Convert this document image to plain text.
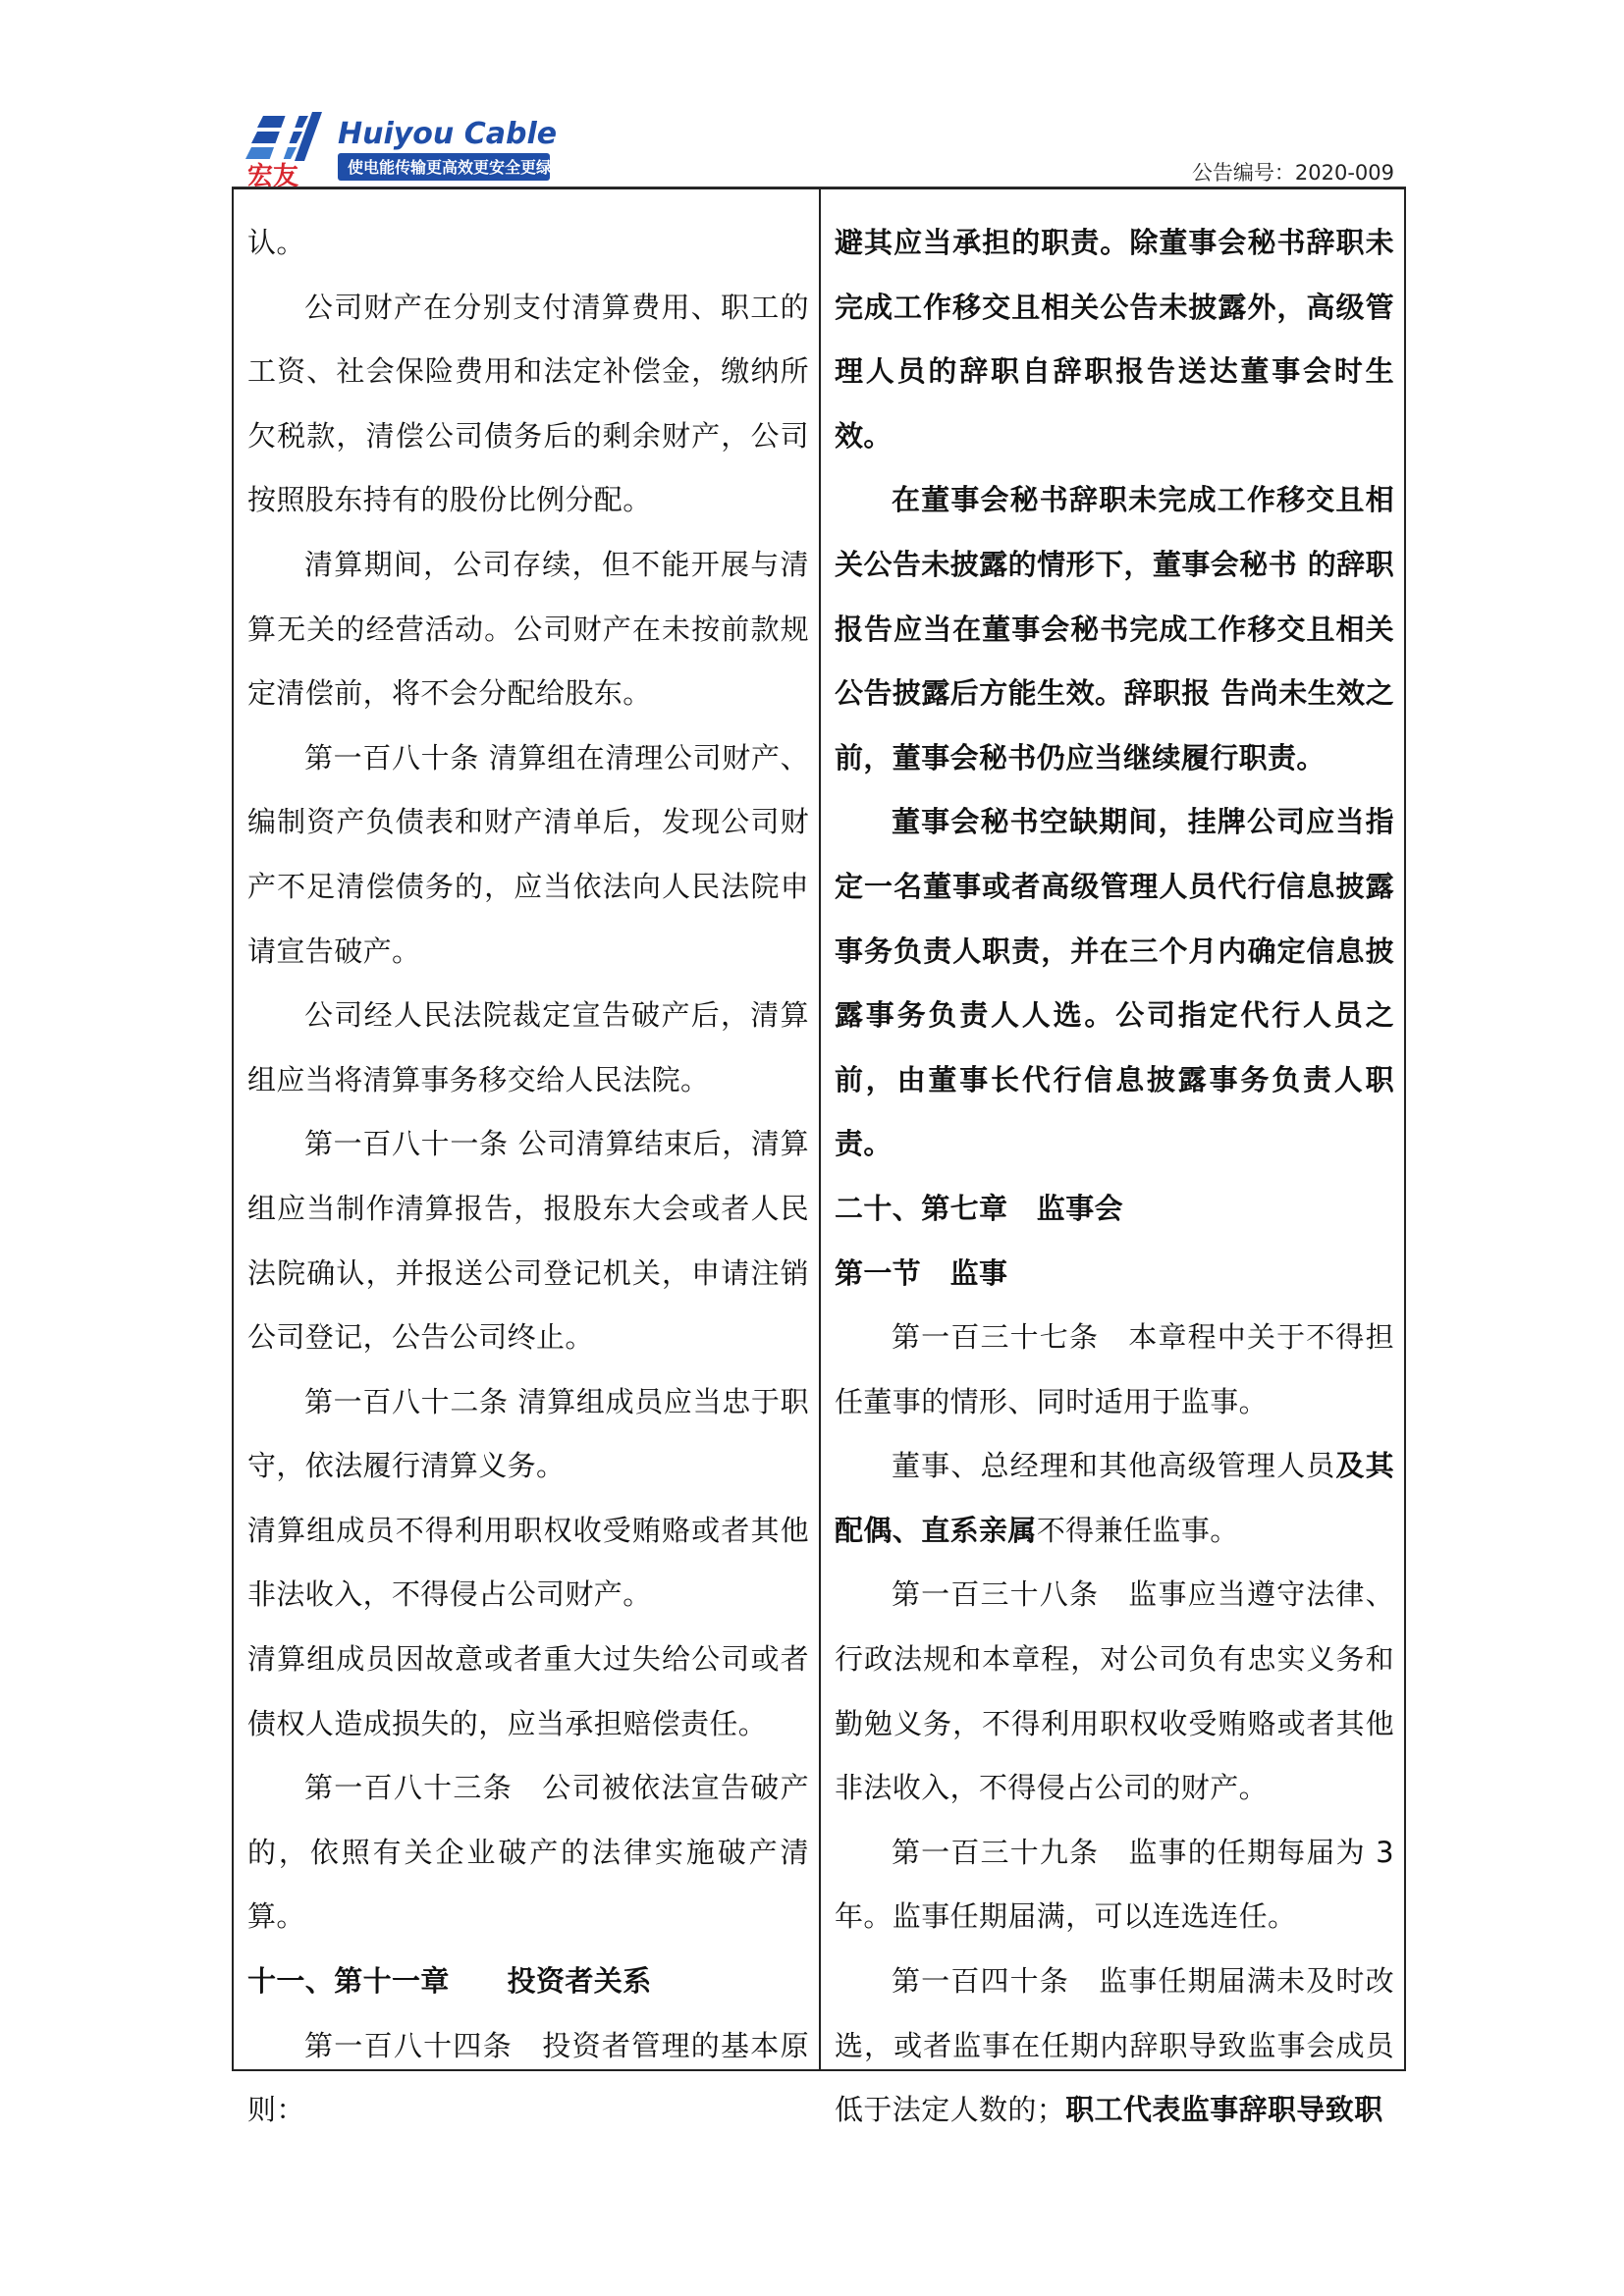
宏友
Huiyou Cable
使电能传输更高效更安全更绿色	公告编号：2020-009

认。

公司财产在分别支付清算费用、职工的工资、社会保险费用和法定补偿金，缴纳所欠税款，清偿公司债务后的剩余财产，公司按照股东持有的股份比例分配。

清算期间，公司存续，但不能开展与清算无关的经营活动。公司财产在未按前款规定清偿前，将不会分配给股东。

第一百八十条 清算组在清理公司财产、编制资产负债表和财产清单后，发现公司财产不足清偿债务的，应当依法向人民法院申请宣告破产。

公司经人民法院裁定宣告破产后，清算组应当将清算事务移交给人民法院。

第一百八十一条 公司清算结束后，清算组应当制作清算报告，报股东大会或者人民法院确认，并报送公司登记机关，申请注销公司登记，公告公司终止。

第一百八十二条 清算组成员应当忠于职守，依法履行清算义务。

清算组成员不得利用职权收受贿赂或者其他非法收入，不得侵占公司财产。

清算组成员因故意或者重大过失给公司或者债权人造成损失的，应当承担赔偿责任。

第一百八十三条　公司被依法宣告破产的，依照有关企业破产的法律实施破产清算。

十一、第十一章　　投资者关系

第一百八十四条　投资者管理的基本原则：

避其应当承担的职责。除董事会秘书辞职未完成工作移交且相关公告未披露外，高级管理人员的辞职自辞职报告送达董事会时生效。

在董事会秘书辞职未完成工作移交且相关公告未披露的情形下，董事会秘书 的辞职报告应当在董事会秘书完成工作移交且相关公告披露后方能生效。辞职报 告尚未生效之前，董事会秘书仍应当继续履行职责。

董事会秘书空缺期间，挂牌公司应当指定一名董事或者高级管理人员代行信息披露事务负责人职责，并在三个月内确定信息披露事务负责人人选。公司指定代行人员之前，由董事长代行信息披露事务负责人职责。

二十、第七章　监事会

第一节　监事

第一百三十七条　本章程中关于不得担任董事的情形、同时适用于监事。

董事、总经理和其他高级管理人员及其配偶、直系亲属不得兼任监事。

第一百三十八条　监事应当遵守法律、行政法规和本章程，对公司负有忠实义务和勤勉义务，不得利用职权收受贿赂或者其他非法收入，不得侵占公司的财产。

第一百三十九条　监事的任期每届为 3 年。监事任期届满，可以连选连任。

第一百四十条　监事任期届满未及时改选，或者监事在任期内辞职导致监事会成员低于法定人数的；职工代表监事辞职导致职
